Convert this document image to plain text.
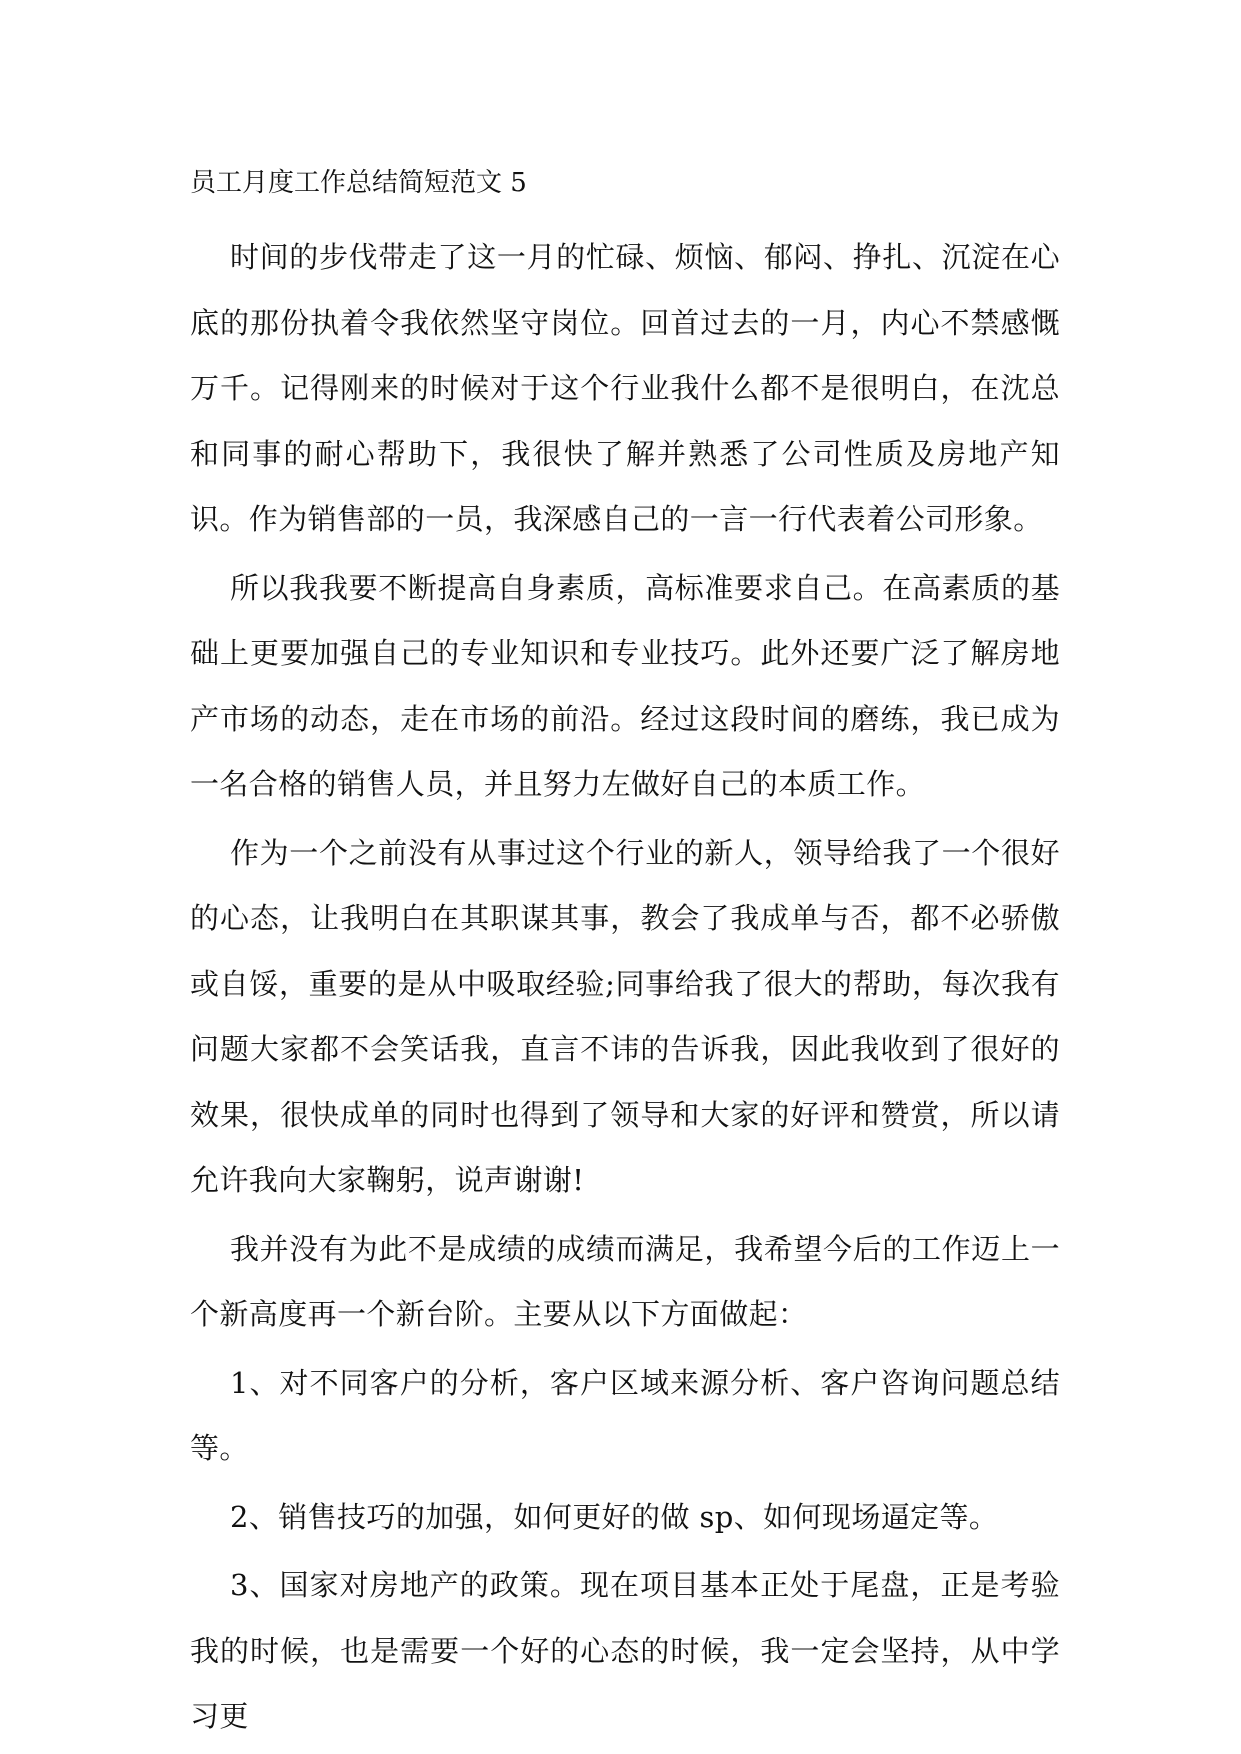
员工月度工作总结简短范文 5

时间的步伐带走了这一月的忙碌、烦恼、郁闷、挣扎、沉淀在心底的那份执着令我依然坚守岗位。回首过去的一月，内心不禁感慨万千。记得刚来的时候对于这个行业我什么都不是很明白，在沈总和同事的耐心帮助下，我很快了解并熟悉了公司性质及房地产知识。作为销售部的一员，我深感自己的一言一行代表着公司形象。

所以我我要不断提高自身素质，高标准要求自己。在高素质的基础上更要加强自己的专业知识和专业技巧。此外还要广泛了解房地产市场的动态，走在市场的前沿。经过这段时间的磨练，我已成为一名合格的销售人员，并且努力左做好自己的本质工作。

作为一个之前没有从事过这个行业的新人，领导给我了一个很好的心态，让我明白在其职谋其事，教会了我成单与否，都不必骄傲或自馁，重要的是从中吸取经验;同事给我了很大的帮助，每次我有问题大家都不会笑话我，直言不讳的告诉我，因此我收到了很好的效果，很快成单的同时也得到了领导和大家的好评和赞赏，所以请允许我向大家鞠躬，说声谢谢!

我并没有为此不是成绩的成绩而满足，我希望今后的工作迈上一个新高度再一个新台阶。主要从以下方面做起：

1、对不同客户的分析，客户区域来源分析、客户咨询问题总结等。

2、销售技巧的加强，如何更好的做 sp、如何现场逼定等。

3、国家对房地产的政策。现在项目基本正处于尾盘，正是考验我的时候，也是需要一个好的心态的时候，我一定会坚持，从中学习更
